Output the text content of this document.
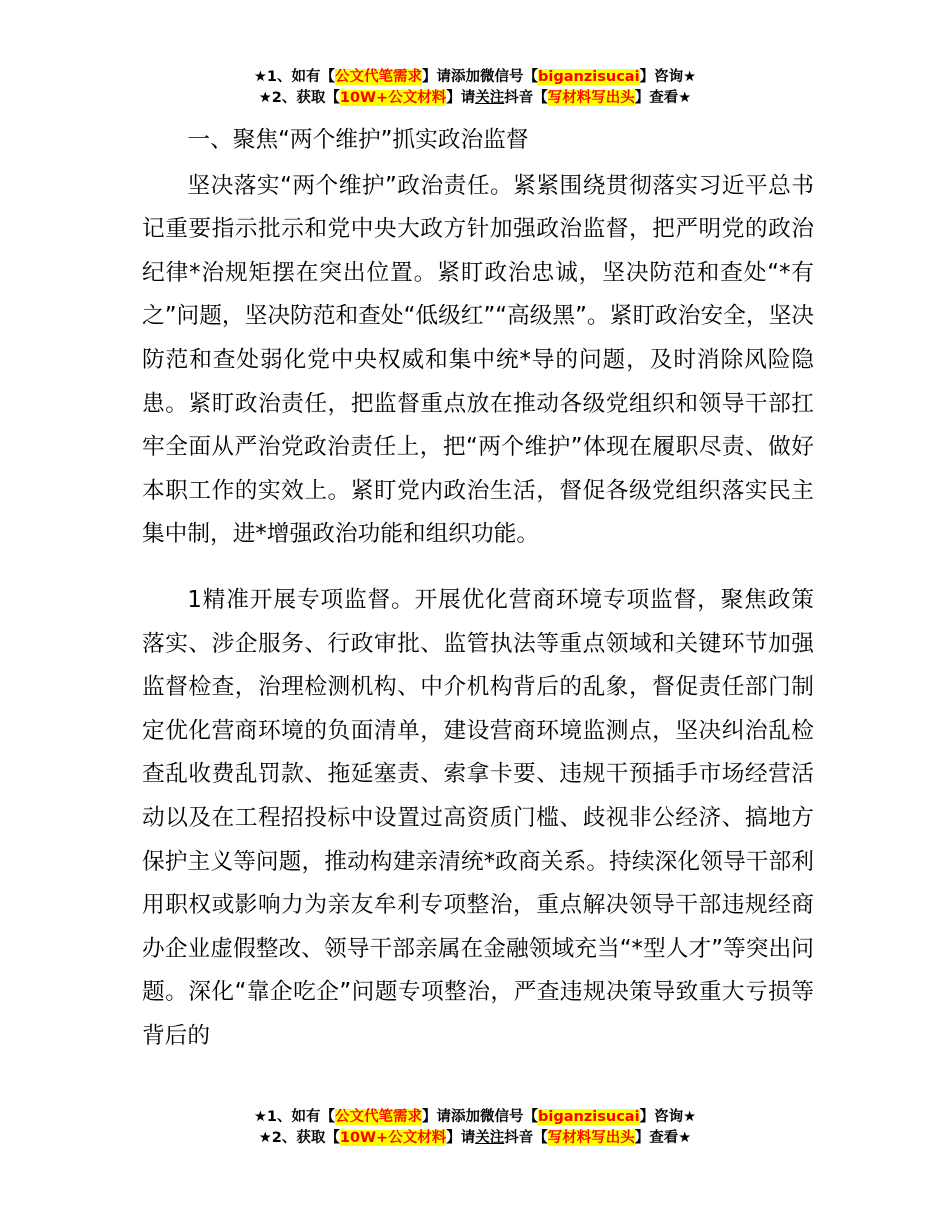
★1、如有【公文代笔需求】请添加微信号【biganzisucai】咨询★
★2、获取【10W+公文材料】请关注抖音【写材料写出头】查看★

一、聚焦“两个维护”抓实政治监督

坚决落实“两个维护”政治责任。紧紧围绕贯彻落实习近平总书记重要指示批示和党中央大政方针加强政治监督，把严明党的政治纪律*治规矩摆在突出位置。紧盯政治忠诚，坚决防范和查处“*有之”问题，坚决防范和查处“低级红”“高级黑”。紧盯政治安全，坚决防范和查处弱化党中央权威和集中统*导的问题，及时消除风险隐患。紧盯政治责任，把监督重点放在推动各级党组织和领导干部扛牢全面从严治党政治责任上，把“两个维护”体现在履职尽责、做好本职工作的实效上。紧盯党内政治生活，督促各级党组织落实民主集中制，进*增强政治功能和组织功能。

1精准开展专项监督。开展优化营商环境专项监督，聚焦政策落实、涉企服务、行政审批、监管执法等重点领域和关键环节加强监督检查，治理检测机构、中介机构背后的乱象，督促责任部门制定优化营商环境的负面清单，建设营商环境监测点，坚决纠治乱检查乱收费乱罚款、拖延塞责、索拿卡要、违规干预插手市场经营活动以及在工程招投标中设置过高资质门槛、歧视非公经济、搞地方保护主义等问题，推动构建亲清统*政商关系。持续深化领导干部利用职权或影响力为亲友牟利专项整治，重点解决领导干部违规经商办企业虚假整改、领导干部亲属在金融领域充当“*型人才”等突出问题。深化“靠企吃企”问题专项整治，严查违规决策导致重大亏损等背后的

★1、如有【公文代笔需求】请添加微信号【biganzisucai】咨询★
★2、获取【10W+公文材料】请关注抖音【写材料写出头】查看★
